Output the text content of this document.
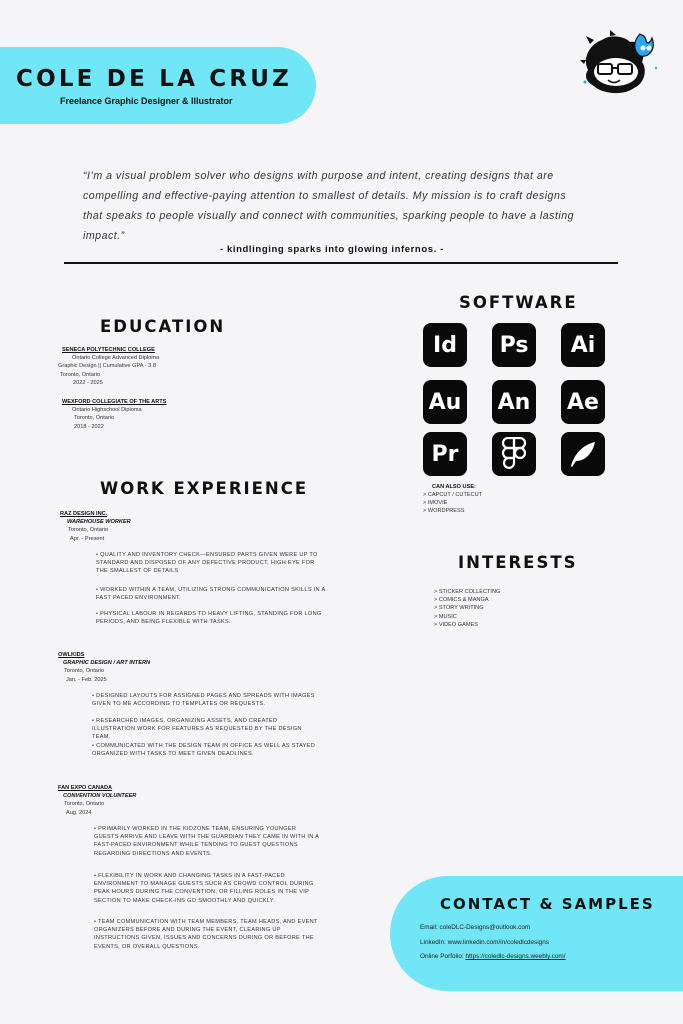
COLE DE LA CRUZ
Freelance Graphic Designer & Illustrator
“I’m a visual problem solver who designs with purpose and intent, creating designs that are compelling and effective-paying attention to smallest of details. My mission is to craft designs that speaks to people visually and connect with communities, sparking people to have a lasting impact.”
- kindlinging sparks into glowing infernos. -
EDUCATION
SENECA POLYTECHNIC COLLEGE
Ontario College Advanced Diploma
Graphic Design || Cumulative GPA - 3.8
Toronto, Ontario
2022 - 2025
WEXFORD COLLEGIATE OF THE ARTS
Ontario Highschool Diploma
Toronto, Ontario
2018 - 2022
WORK EXPERIENCE
RAZ DESIGN INC.
WAREHOUSE WORKER
Toronto, Ontario
Apr. - Present
• QUALITY AND INVENTORY CHECK—ENSURED PARTS GIVEN WERE UP TO STANDARD AND DISPOSED OF ANY DEFECTIVE PRODUCT, HIGH EYE FOR THE SMALLEST OF DETAILS
• WORKED WITHIN A TEAM, UTILIZING STRONG COMMUNICATION SKILLS IN A FAST PACED ENVIRONMENT.
• PHYSICAL LABOUR IN REGARDS TO HEAVY LIFTING, STANDING FOR LONG PERIODS, AND BEING FLEXIBLE WITH TASKS.
OWLKIDS
GRAPHIC DESIGN / ART INTERN
Toronto, Ontario
Jan. - Feb. 2025
• DESIGNED LAYOUTS FOR ASSIGNED PAGES AND SPREADS WITH IMAGES GIVEN TO ME ACCORDING TO TEMPLATES OR REQUESTS.
• RESEARCHED IMAGES, ORGANIZING ASSETS, AND CREATED ILLUSTRATION WORK FOR FEATURES AS REQUESTED BY THE DESIGN TEAM.
• COMMUNICATED WITH THE DESIGN TEAM IN OFFICE AS WELL AS STAYED ORGANIZED WITH TASKS TO MEET GIVEN DEADLINES.
FAN EXPO CANADA
CONVENTION VOLUNTEER
Toronto, Ontario
Aug. 2024
• PRIMARILY WORKED IN THE KIDZONE TEAM, ENSURING YOUNGER GUESTS ARRIVE AND LEAVE WITH THE GUARDIAN THEY CAME IN WITH IN A FAST-PACED ENVIRONMENT WHILE TENDING TO GUEST QUESTIONS REGARDING DIRECTIONS AND EVENTS.
• FLEXIBILITY IN WORK AND CHANGING TASKS IN A FAST-PACED ENVIRONMENT TO MANAGE GUESTS SUCH AS CROWD CONTROL DURING PEAK HOURS DURING THE CONVENTION, OR FILLING ROLES IN THE VIP SECTION TO MAKE CHECK-INS GO SMOOTHLY AND QUICKLY.
• TEAM COMMUNICATION WITH TEAM MEMBERS, TEAM HEADS, AND EVENT ORGANIZERS BEFORE AND DURING THE EVENT, CLEARING UP INSTRUCTIONS GIVEN, ISSUES AND CONCERNS DURING OR BEFORE THE EVENTS, OR OVERALL QUESTIONS.
SOFTWARE
Id	Ps	Ai
Au An Ae
Pr
CAN ALSO USE:
> CAPCUT / CUTECUT
> IMOVIE
> WORDPRESS
INTERESTS
> STICKER COLLECTING
> COMICS & MANGA
> STORY WRITING
> MUSIC
> VIDEO GAMES
CONTACT & SAMPLES
Email: coleDLC-Designs@outlook.com
LinkedIn: www.linkedin.com/in/coledlcdesigns
Online Porfolio: https://coledlc-designs.weebly.com/
